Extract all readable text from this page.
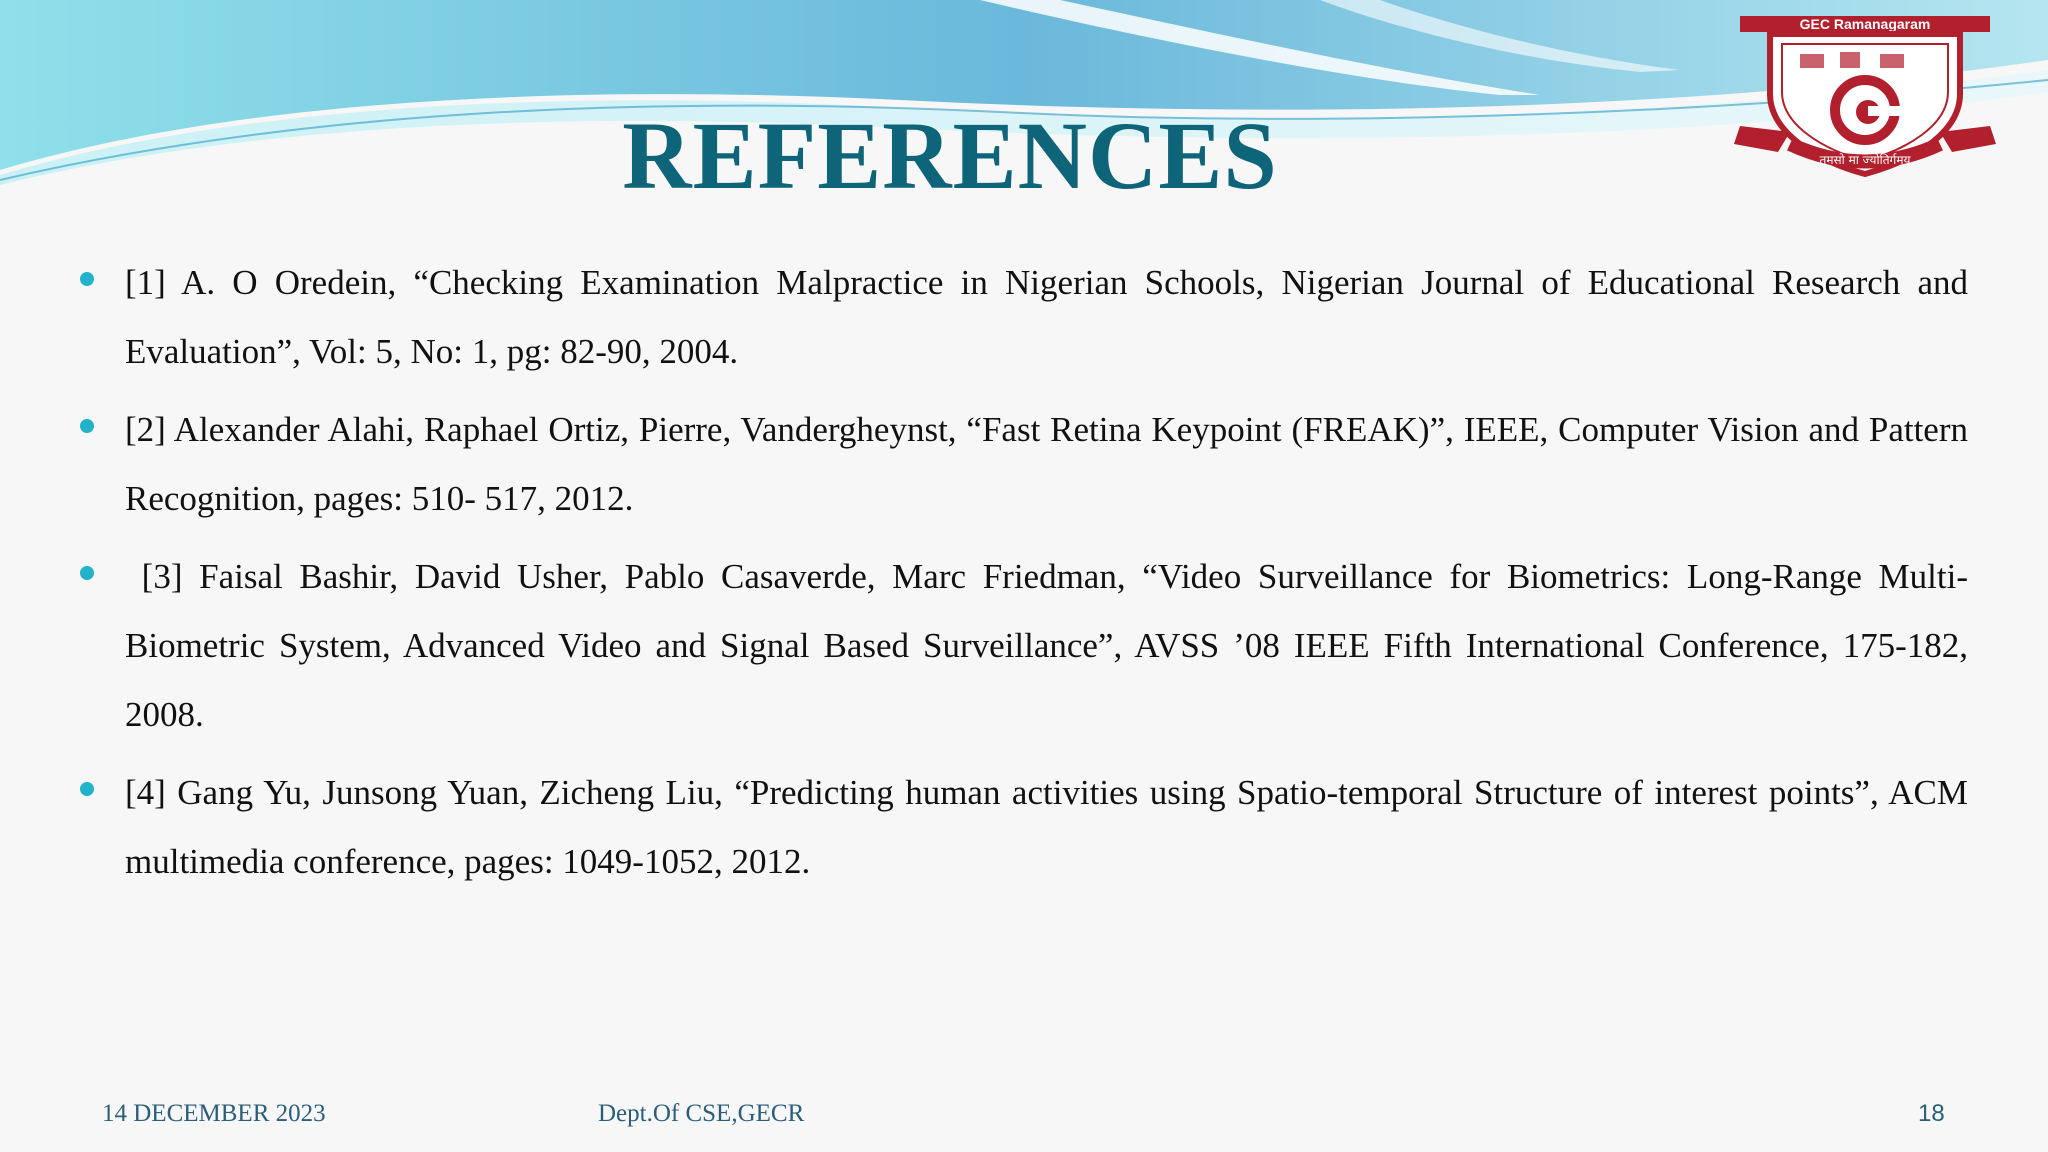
GEC Ramanagaram
तमसो मा ज्योतिर्गमय
REFERENCES
[1] A. O Oredein, “Checking Examination Malpractice in Nigerian Schools, Nigerian Journal of Educational Research and Evaluation”, Vol: 5, No: 1, pg: 82-90, 2004.
[2] Alexander Alahi, Raphael Ortiz, Pierre, Vandergheynst, “Fast Retina Keypoint (FREAK)”, IEEE, Computer Vision and Pattern Recognition, pages: 510- 517, 2012.
[3] Faisal Bashir, David Usher, Pablo Casaverde, Marc Friedman, “Video Surveillance for Biometrics: Long-Range Multi-Biometric System, Advanced Video and Signal Based Surveillance”, AVSS ’08 IEEE Fifth International Conference, 175-182, 2008.
[4] Gang Yu, Junsong Yuan, Zicheng Liu, “Predicting human activities using Spatio-temporal Structure of interest points”, ACM multimedia conference, pages: 1049-1052, 2012.
14 DECEMBER 2023	Dept.Of CSE,GECR	18
